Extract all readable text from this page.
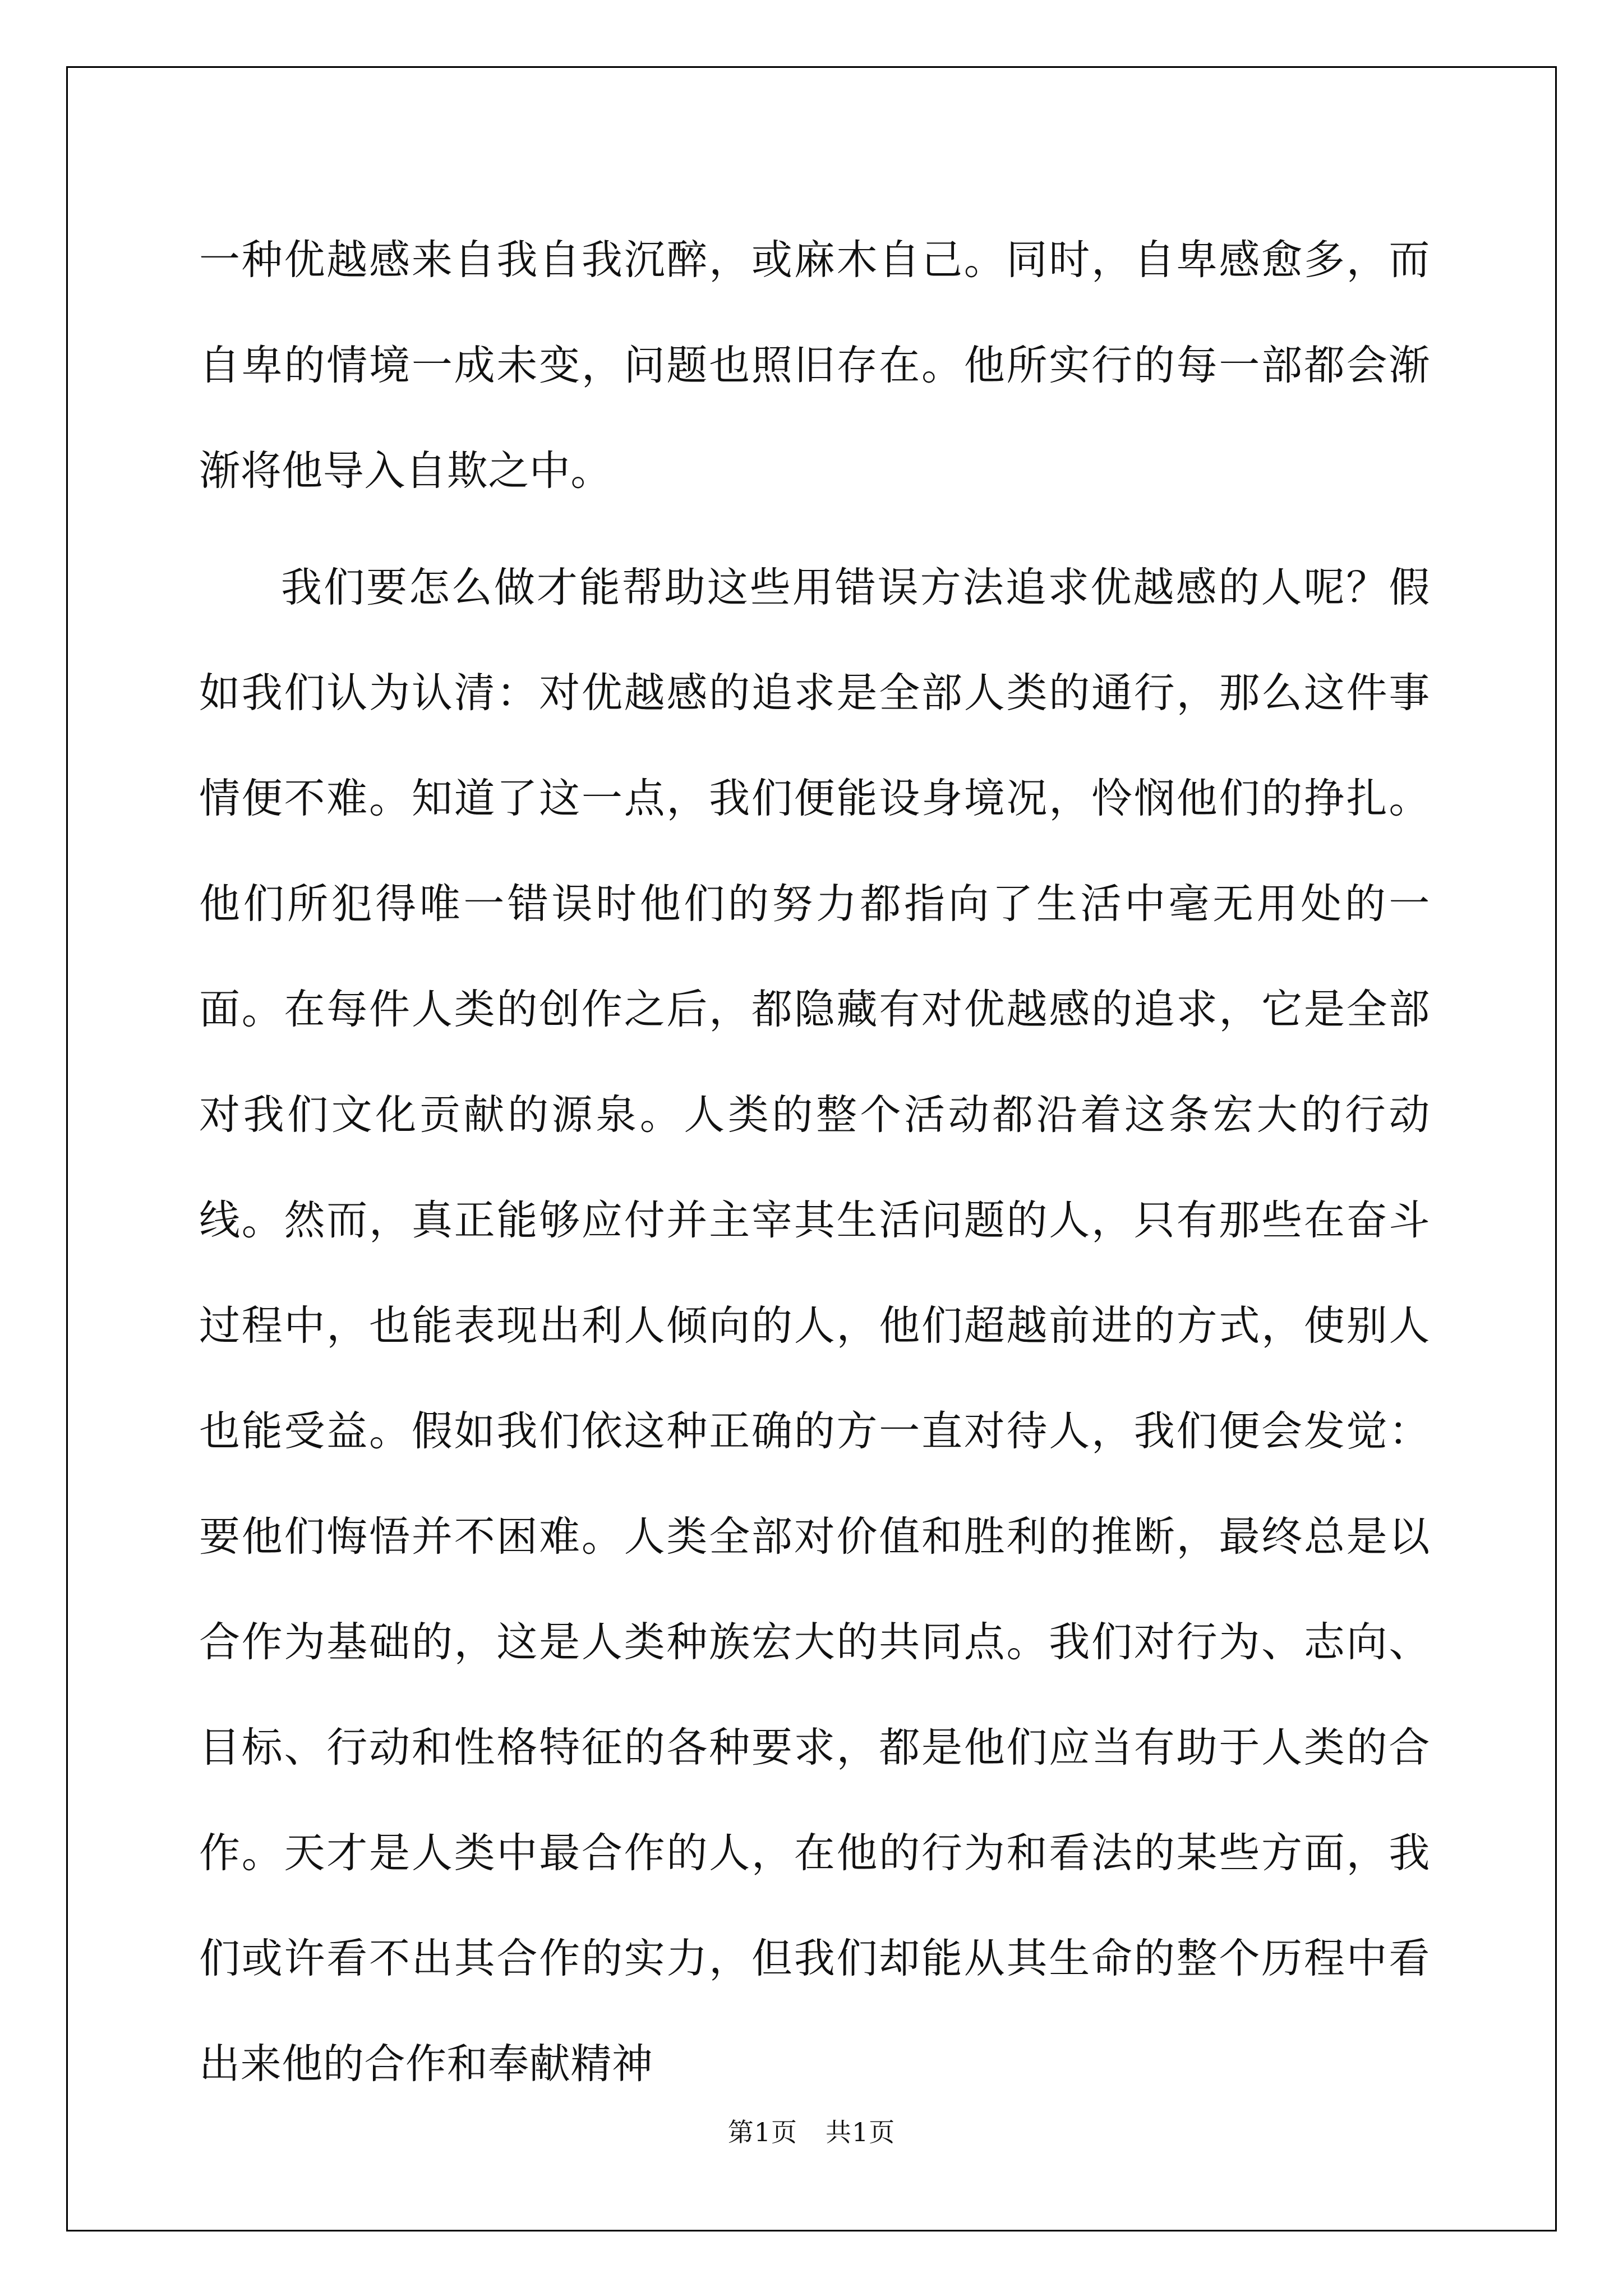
一种优越感来自我自我沉醉，或麻木自己。同时，自卑感愈多，而自卑的情境一成未变，问题也照旧存在。他所实行的每一部都会渐渐将他导入自欺之中。

我们要怎么做才能帮助这些用错误方法追求优越感的人呢？假如我们认为认清：对优越感的追求是全部人类的通行，那么这件事情便不难。知道了这一点，我们便能设身境况，怜悯他们的挣扎。他们所犯得唯一错误时他们的努力都指向了生活中毫无用处的一面。在每件人类的创作之后，都隐藏有对优越感的追求，它是全部对我们文化贡献的源泉。人类的整个活动都沿着这条宏大的行动线。然而，真正能够应付并主宰其生活问题的人，只有那些在奋斗过程中，也能表现出利人倾向的人，他们超越前进的方式，使别人也能受益。假如我们依这种正确的方一直对待人，我们便会发觉：要他们悔悟并不困难。人类全部对价值和胜利的推断，最终总是以合作为基础的，这是人类种族宏大的共同点。我们对行为、志向、目标、行动和性格特征的各种要求，都是他们应当有助于人类的合作。天才是人类中最合作的人，在他的行为和看法的某些方面，我们或许看不出其合作的实力，但我们却能从其生命的整个历程中看出来他的合作和奉献精神

第1页 共1页
